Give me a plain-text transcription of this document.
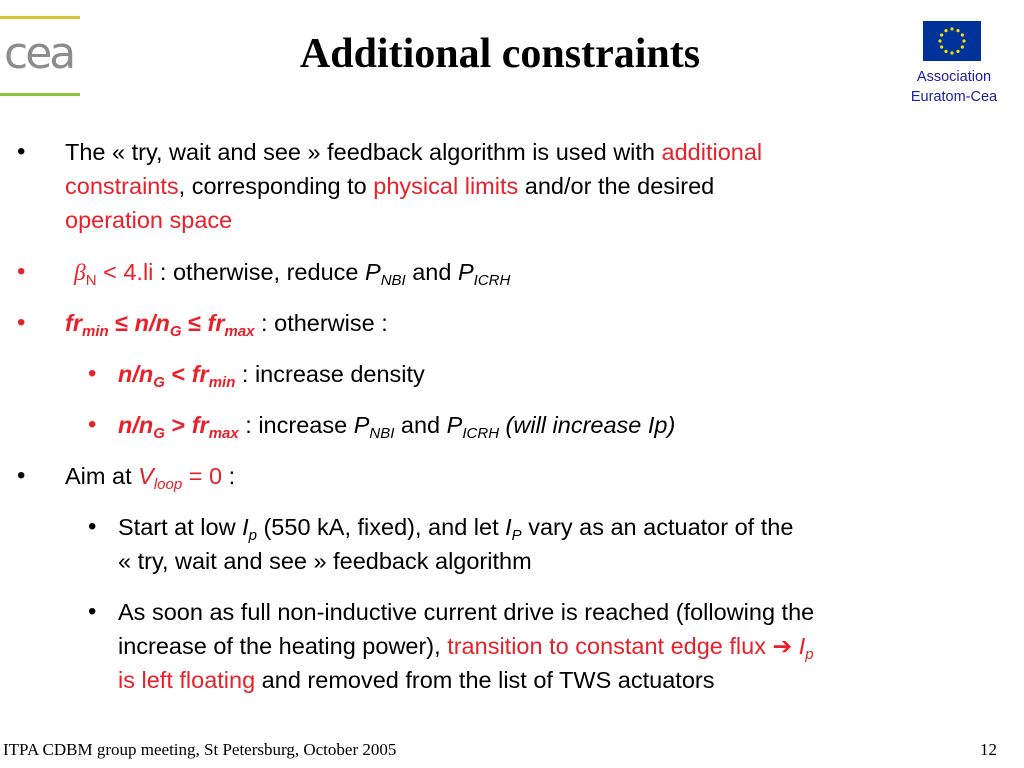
cea	Additional constraints	Association
Euratom-Cea
• The « try, wait and see » feedback algorithm is used with additional
constraints, corresponding to physical limits and/or the desired
operation space
• $\beta_N < 4.li$ : otherwise, reduce $P_{NBI}$ and $P_{ICRH}$
• $fr_{min} \le n/n_G \le fr_{max}$ : otherwise :
• $n/n_G < fr_{min}$ : increase density
• $n/n_G > fr_{max}$ : increase $P_{NBI}$ and $P_{ICRH}$ (will increase Ip)
• Aim at $V_{loop} = 0$ :
• Start at low $I_p$ (550 kA, fixed), and let $I_P$ vary as an actuator of the
« try, wait and see » feedback algorithm
• As soon as full non-inductive current drive is reached (following the
increase of the heating power), transition to constant edge flux ➔ $I_p$
is left floating and removed from the list of TWS actuators
ITPA CDBM group meeting, St Petersburg, October 2005	12
